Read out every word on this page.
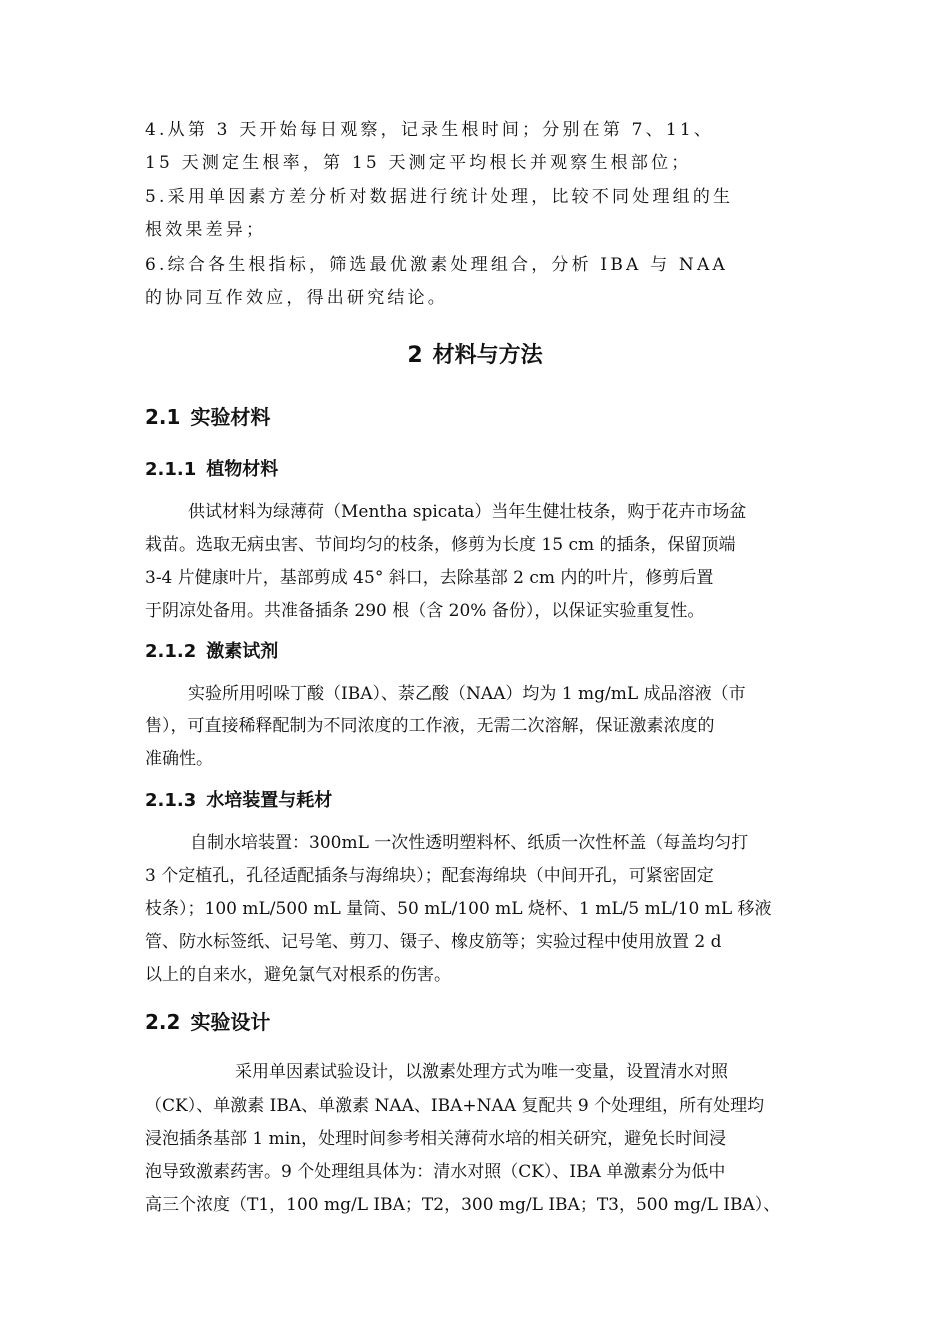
4.从第 3 天开始每日观察，记录生根时间；分别在第 7、11、
15 天测定生根率，第 15 天测定平均根长并观察生根部位；
5.采用单因素方差分析对数据进行统计处理，比较不同处理组的生
根效果差异；
6.综合各生根指标，筛选最优激素处理组合，分析 IBA 与 NAA
的协同互作效应，得出研究结论。
2 材料与方法
2.1 实验材料
2.1.1 植物材料
供试材料为绿薄荷（Mentha spicata）当年生健壮枝条，购于花卉市场盆
栽苗。选取无病虫害、节间均匀的枝条，修剪为长度 15 cm 的插条，保留顶端
3-4 片健康叶片，基部剪成 45° 斜口，去除基部 2 cm 内的叶片，修剪后置
于阴凉处备用。共准备插条 290 根（含 20% 备份），以保证实验重复性。
2.1.2 激素试剂
实验所用吲哚丁酸（IBA）、萘乙酸（NAA）均为 1 mg/mL 成品溶液（市
售），可直接稀释配制为不同浓度的工作液，无需二次溶解，保证激素浓度的
准确性。
2.1.3 水培装置与耗材
自制水培装置：300mL 一次性透明塑料杯、纸质一次性杯盖（每盖均匀打
3 个定植孔，孔径适配插条与海绵块）；配套海绵块（中间开孔，可紧密固定
枝条）；100 mL/500 mL 量筒、50 mL/100 mL 烧杯、1 mL/5 mL/10 mL 移液
管、防水标签纸、记号笔、剪刀、镊子、橡皮筋等；实验过程中使用放置 2 d
以上的自来水，避免氯气对根系的伤害。
2.2 实验设计
采用单因素试验设计，以激素处理方式为唯一变量，设置清水对照
（CK）、单激素 IBA、单激素 NAA、IBA+NAA 复配共 9 个处理组，所有处理均
浸泡插条基部 1 min，处理时间参考相关薄荷水培的相关研究，避免长时间浸
泡导致激素药害。9 个处理组具体为：清水对照（CK）、IBA 单激素分为低中
高三个浓度（T1，100 mg/L IBA；T2，300 mg/L IBA；T3，500 mg/L IBA）、
